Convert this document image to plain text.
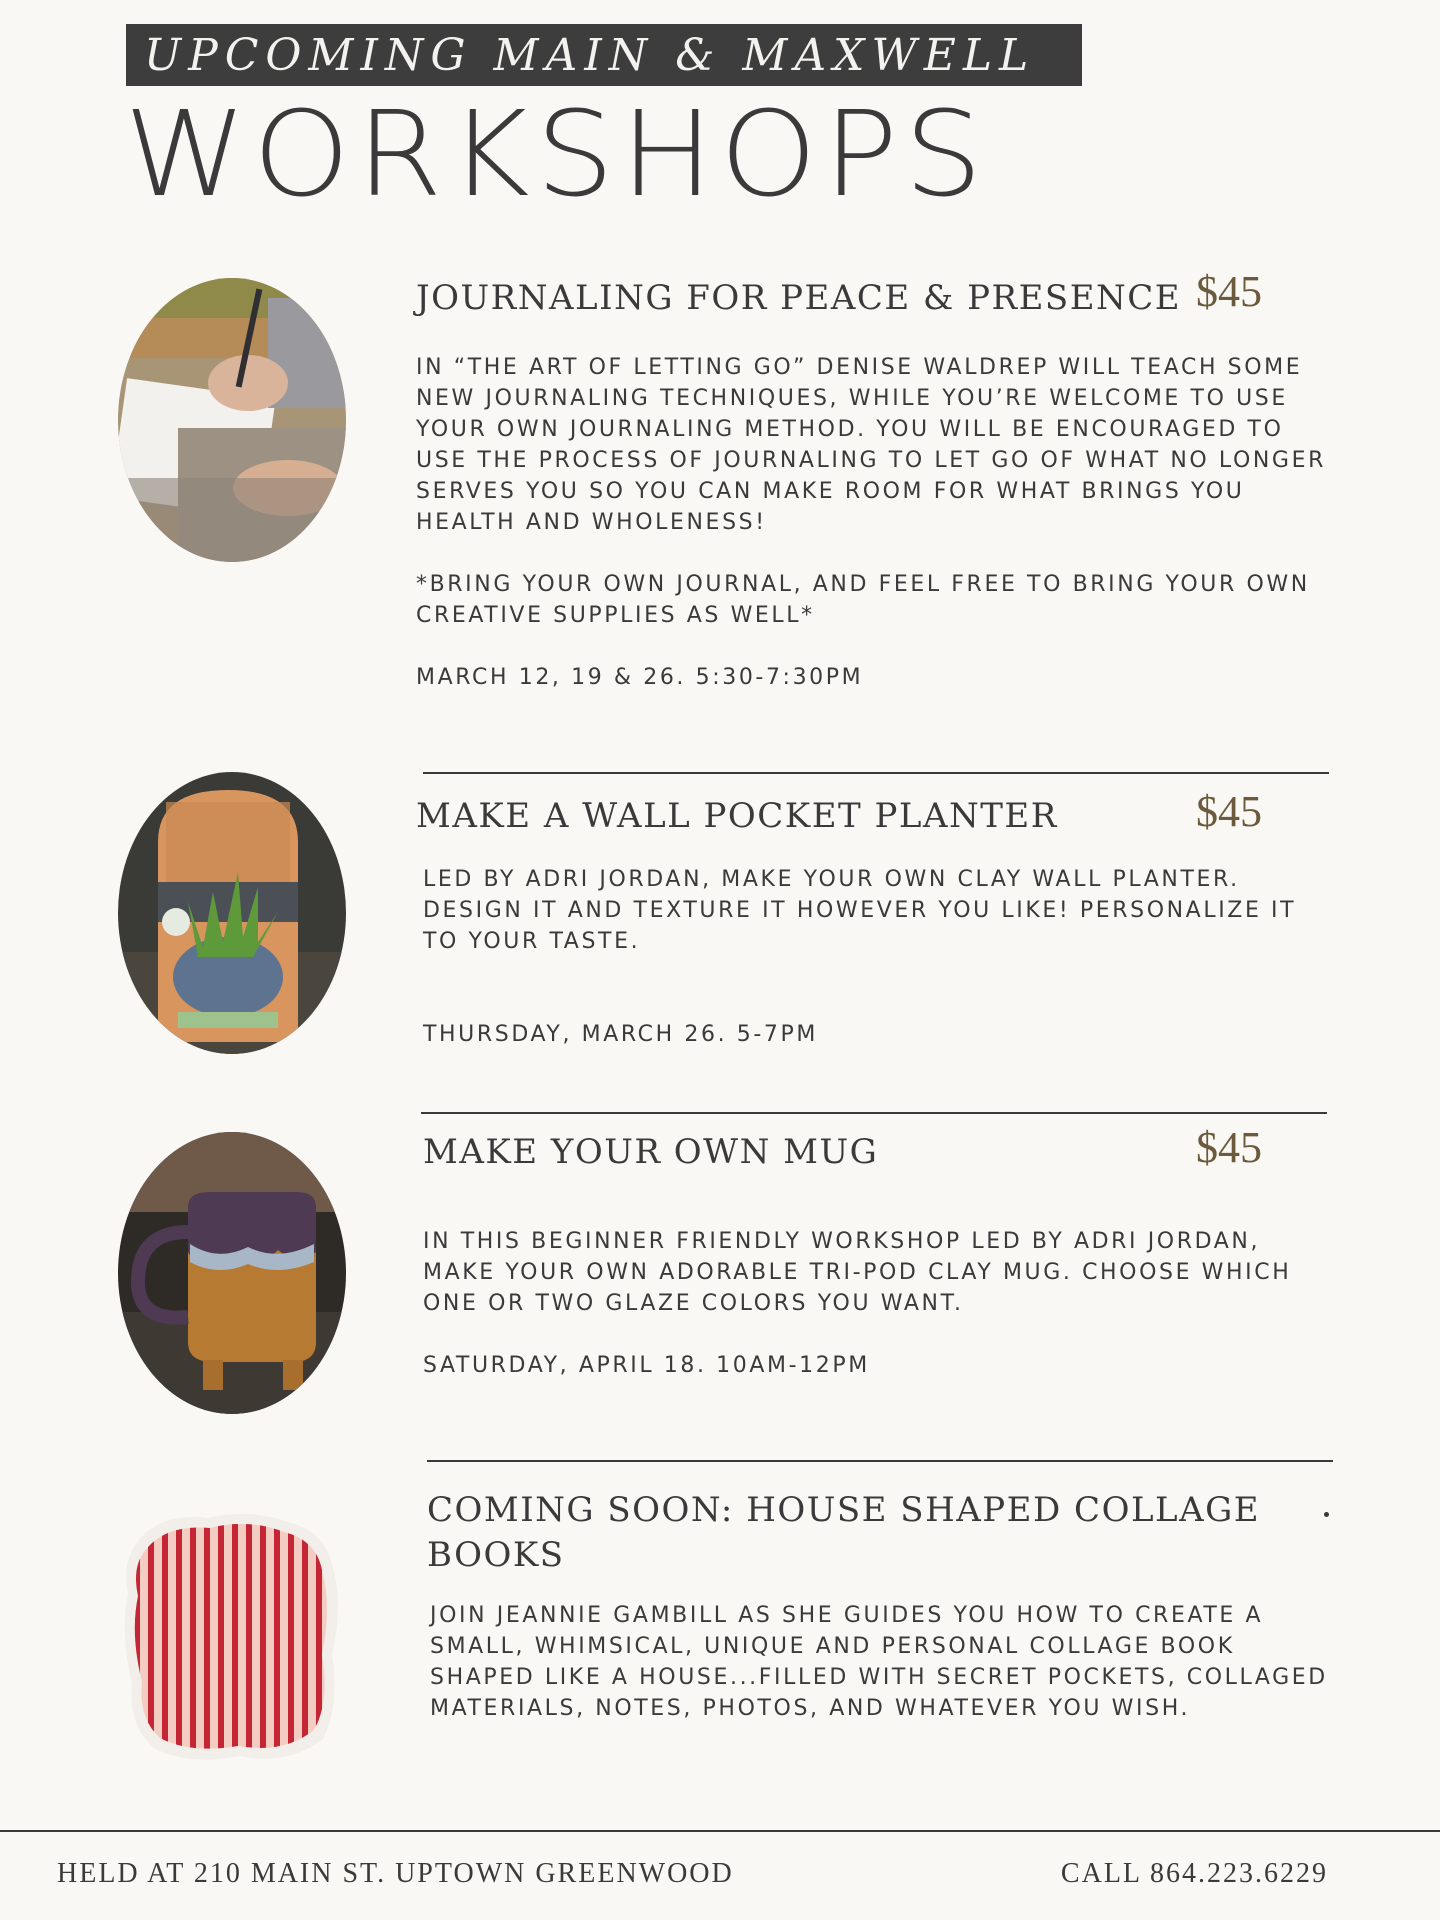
UPCOMING MAIN & MAXWELL
WORKSHOPS
JOURNALING FOR PEACE & PRESENCE $45

IN “THE ART OF LETTING GO” DENISE WALDREP WILL TEACH SOME NEW JOURNALING TECHNIQUES, WHILE YOU’RE WELCOME TO USE YOUR OWN JOURNALING METHOD. YOU WILL BE ENCOURAGED TO USE THE PROCESS OF JOURNALING TO LET GO OF WHAT NO LONGER SERVES YOU SO YOU CAN MAKE ROOM FOR WHAT BRINGS YOU HEALTH AND WHOLENESS!

*BRING YOUR OWN JOURNAL, AND FEEL FREE TO BRING YOUR OWN CREATIVE SUPPLIES AS WELL*

MARCH 12, 19 & 26. 5:30-7:30PM

MAKE A WALL POCKET PLANTER	$45

LED BY ADRI JORDAN, MAKE YOUR OWN CLAY WALL PLANTER. DESIGN IT AND TEXTURE IT HOWEVER YOU LIKE! PERSONALIZE IT TO YOUR TASTE.

THURSDAY, MARCH 26. 5-7PM

MAKE YOUR OWN MUG	$45

IN THIS BEGINNER FRIENDLY WORKSHOP LED BY ADRI JORDAN, MAKE YOUR OWN ADORABLE TRI-POD CLAY MUG. CHOOSE WHICH ONE OR TWO GLAZE COLORS YOU WANT.

SATURDAY, APRIL 18. 10AM-12PM

COMING SOON: HOUSE SHAPED COLLAGE
BOOKS

JOIN JEANNIE GAMBILL AS SHE GUIDES YOU HOW TO CREATE A SMALL, WHIMSICAL, UNIQUE AND PERSONAL COLLAGE BOOK SHAPED LIKE A HOUSE...FILLED WITH SECRET POCKETS, COLLAGED MATERIALS, NOTES, PHOTOS, AND WHATEVER YOU WISH.

HELD AT 210 MAIN ST. UPTOWN GREENWOOD	CALL 864.223.6229
